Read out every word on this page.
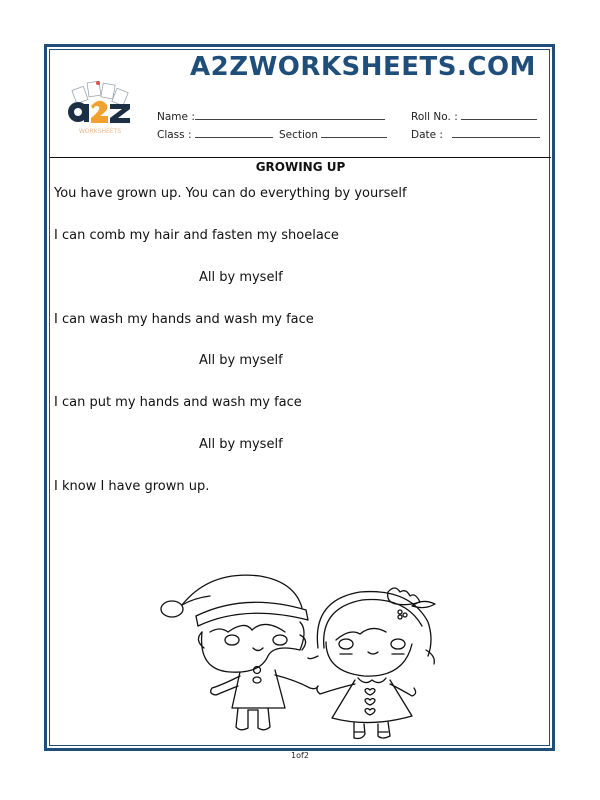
A2ZWORKSHEETS.COM
WORKSHEETS
Name :	Roll No. :
Class :	Section	Date :
GROWING UP
You have grown up. You can do everything by yourself
I can comb my hair and fasten my shoelace
All by myself
I can wash my hands and wash my face
All by myself
I can put my hands and wash my face
All by myself
I know I have grown up.
1of2
